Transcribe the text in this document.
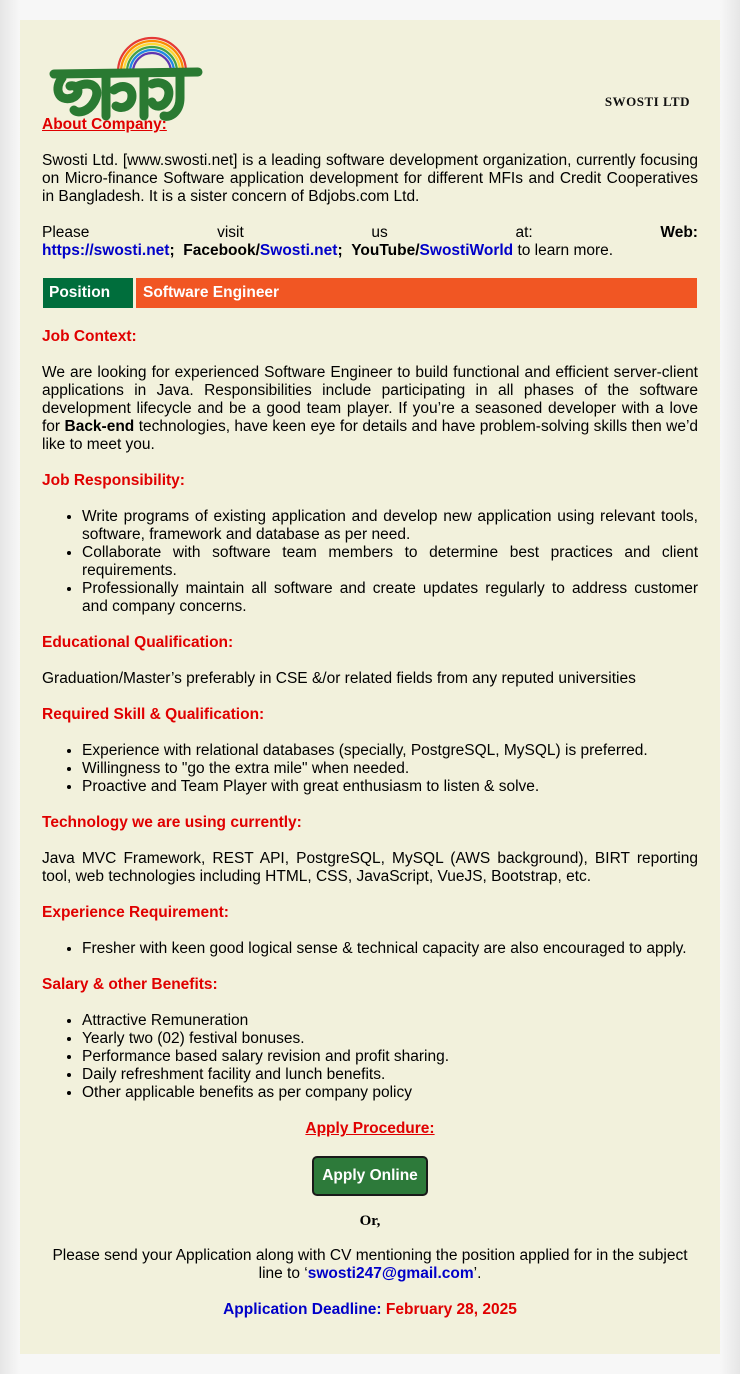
SWOSTI LTD
About Company:

Swosti Ltd. [www.swosti.net] is a leading software development organization, currently focusing on Micro-finance Software application development for different MFIs and Credit Cooperatives in Bangladesh. It is a sister concern of Bdjobs.com Ltd.

Please	visit	us	at:	Web:
https://swosti.net; Facebook/Swosti.net; YouTube/SwostiWorld to learn more.
Position	Software Engineer
Job Context:

We are looking for experienced Software Engineer to build functional and efficient server-client applications in Java. Responsibilities include participating in all phases of the software development lifecycle and be a good team player. If you’re a seasoned developer with a love for Back-end technologies, have keen eye for details and have problem-solving skills then we’d like to meet you.

Job Responsibility:
• Write programs of existing application and develop new application using relevant tools, software, framework and database as per need.
• Collaborate with software team members to determine best practices and client requirements.
• Professionally maintain all software and create updates regularly to address customer and company concerns.
Educational Qualification:

Graduation/Master’s preferably in CSE &/or related fields from any reputed universities

Required Skill & Qualification:
• Experience with relational databases (specially, PostgreSQL, MySQL) is preferred.
• Willingness to "go the extra mile" when needed.
• Proactive and Team Player with great enthusiasm to listen & solve.
Technology we are using currently:

Java MVC Framework, REST API, PostgreSQL, MySQL (AWS background), BIRT reporting tool, web technologies including HTML, CSS, JavaScript, VueJS, Bootstrap, etc.

Experience Requirement:
• Fresher with keen good logical sense & technical capacity are also encouraged to apply.
Salary & other Benefits:
• Attractive Remuneration
• Yearly two (02) festival bonuses.
• Performance based salary revision and profit sharing.
• Daily refreshment facility and lunch benefits.
• Other applicable benefits as per company policy
Apply Procedure:
Apply Online
Or,

Please send your Application along with CV mentioning the position applied for in the subject line to ‘swosti247@gmail.com’.

Application Deadline: February 28, 2025
